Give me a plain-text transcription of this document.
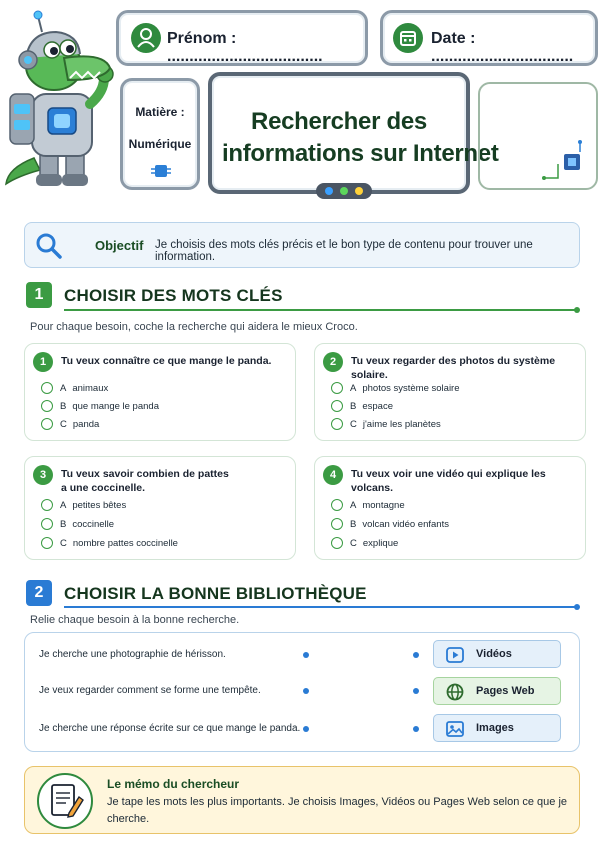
Prénom : ...................................
Date : ................................
Matière :
Numérique
Rechercher des
informations sur Internet
Objectif Je choisis des mots clés précis et le bon type de contenu pour trouver une information.
1	CHOISIR DES MOTS CLÉS
Pour chaque besoin, coche la recherche qui aidera le mieux Croco.
1	Tu veux connaître ce que mange le panda.
A animaux
B que mange le panda
C panda
2	Tu veux regarder des photos du système solaire.
A photos système solaire
B espace
C j'aime les planètes
3	Tu veux savoir combien de pattes a une coccinelle.
A petites bêtes
B coccinelle
C nombre pattes coccinelle
4	Tu veux voir une vidéo qui explique les volcans.
A montagne
B volcan vidéo enfants
C explique
2	CHOISIR LA BONNE BIBLIOTHÈQUE
Relie chaque besoin à la bonne recherche.
Je cherche une photographie de hérisson.
Je veux regarder comment se forme une tempête.
Je cherche une réponse écrite sur ce que mange le panda.
Vidéos
Pages Web
Images
Le mémo du chercheur
Je tape les mots les plus importants. Je choisis Images, Vidéos ou Pages Web selon ce que je cherche.
